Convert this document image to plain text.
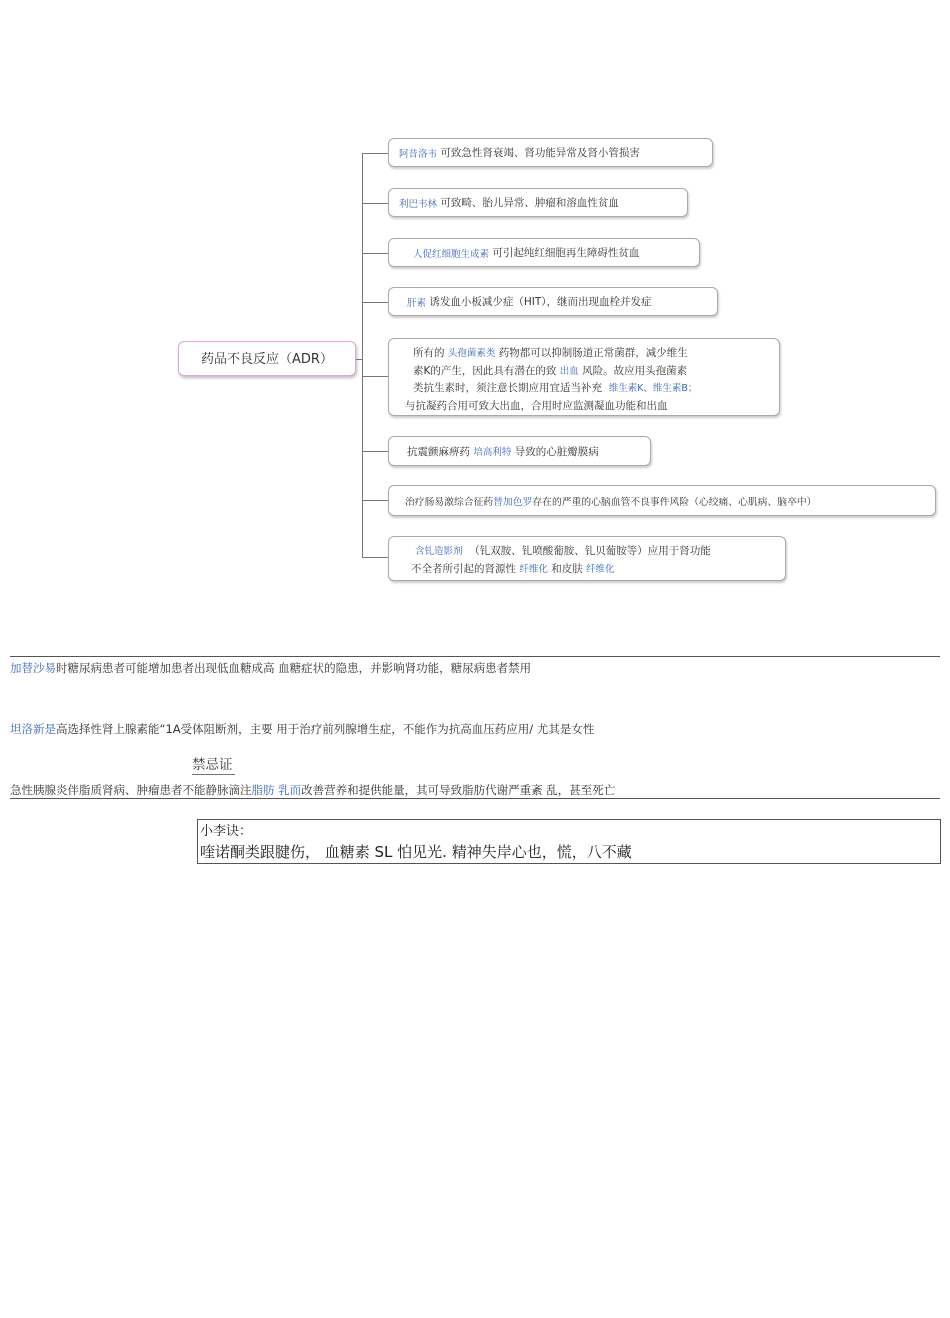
药品不良反应（ADR）
阿昔洛韦
可致急性肾衰竭、肾功能异常及肾小管损害
利巴韦林
可致畸、胎儿异常、肿瘤和溶血性贫血
人促红细胞生成素
可引起纯红细胞再生障碍性贫血
肝素
诱发血小板减少症（HIT），继而出现血栓并发症
所有的 头孢菌素类 药物都可以抑制肠道正常菌群，减少维生
素K的产生，因此具有潜在的致 出血 风险。故应用头孢菌素
类抗生素时，须注意长期应用宜适当补充 维生素K、维生素B；
与抗凝药合用可致大出血，合用时应监测凝血功能和出血
抗震颤麻痹药
培高利特
导致的心脏瓣膜病
治疗肠易激综合征药 替加色罗 存在的严重的心脑血管不良事件风险（心绞痛、心肌病、脑卒中）
含钆造影剂 （钆双胺、钆喷酸葡胺、钆贝葡胺等）应用于肾功能
不全者所引起的肾源性 纤维化 和皮肤 纤维化
加替沙易时糖尿病患者可能增加患者出现低血糖成高 血糖症状的隐患，并影响肾功能，糖尿病患者禁用
坦洛新是高选择性肾上腺素能“1A受体阻断剂，主要 用于治疗前列腺增生症，不能作为抗高血压药应用/ 尤其是女性
禁忌证
急性胰腺炎伴脂质肾病、肿瘤患者不能静脉滴注脂肪 乳而改善营养和提供能量，其可导致脂肪代谢严重紊 乱，甚至死亡
小李诀：
喹诺酮类跟腱伤， 血糖素 SL 怕见光. 精神失岸心也，慌，八不藏
